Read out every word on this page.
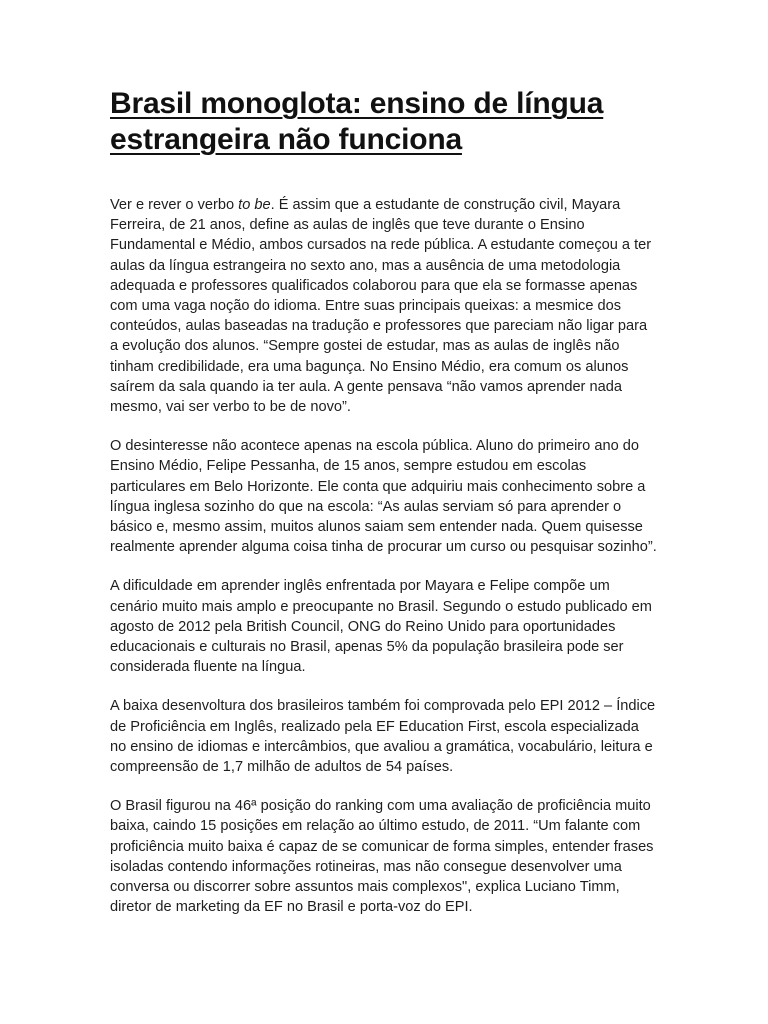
Brasil monoglota: ensino de língua estrangeira não funciona

Ver e rever o verbo to be. É assim que a estudante de construção civil, Mayara Ferreira, de 21 anos, define as aulas de inglês que teve durante o Ensino Fundamental e Médio, ambos cursados na rede pública. A estudante começou a ter aulas da língua estrangeira no sexto ano, mas a ausência de uma metodologia adequada e professores qualificados colaborou para que ela se formasse apenas com uma vaga noção do idioma. Entre suas principais queixas: a mesmice dos conteúdos, aulas baseadas na tradução e professores que pareciam não ligar para a evolução dos alunos. “Sempre gostei de estudar, mas as aulas de inglês não tinham credibilidade, era uma bagunça. No Ensino Médio, era comum os alunos saírem da sala quando ia ter aula. A gente pensava “não vamos aprender nada mesmo, vai ser verbo to be de novo”.

O desinteresse não acontece apenas na escola pública. Aluno do primeiro ano do Ensino Médio, Felipe Pessanha, de 15 anos, sempre estudou em escolas particulares em Belo Horizonte. Ele conta que adquiriu mais conhecimento sobre a língua inglesa sozinho do que na escola: “As aulas serviam só para aprender o básico e, mesmo assim, muitos alunos saiam sem entender nada. Quem quisesse realmente aprender alguma coisa tinha de procurar um curso ou pesquisar sozinho”.

A dificuldade em aprender inglês enfrentada por Mayara e Felipe compõe um cenário muito mais amplo e preocupante no Brasil. Segundo o estudo publicado em agosto de 2012 pela British Council, ONG do Reino Unido para oportunidades educacionais e culturais no Brasil, apenas 5% da população brasileira pode ser considerada fluente na língua.

A baixa desenvoltura dos brasileiros também foi comprovada pelo EPI 2012 – Índice de Proficiência em Inglês, realizado pela EF Education First, escola especializada no ensino de idiomas e intercâmbios, que avaliou a gramática, vocabulário, leitura e compreensão de 1,7 milhão de adultos de 54 países.

O Brasil figurou na 46ª posição do ranking com uma avaliação de proficiência muito baixa, caindo 15 posições em relação ao último estudo, de 2011. “Um falante com proficiência muito baixa é capaz de se comunicar de forma simples, entender frases isoladas contendo informações rotineiras, mas não consegue desenvolver uma conversa ou discorrer sobre assuntos mais complexos", explica Luciano Timm, diretor de marketing da EF no Brasil e porta-voz do EPI.
